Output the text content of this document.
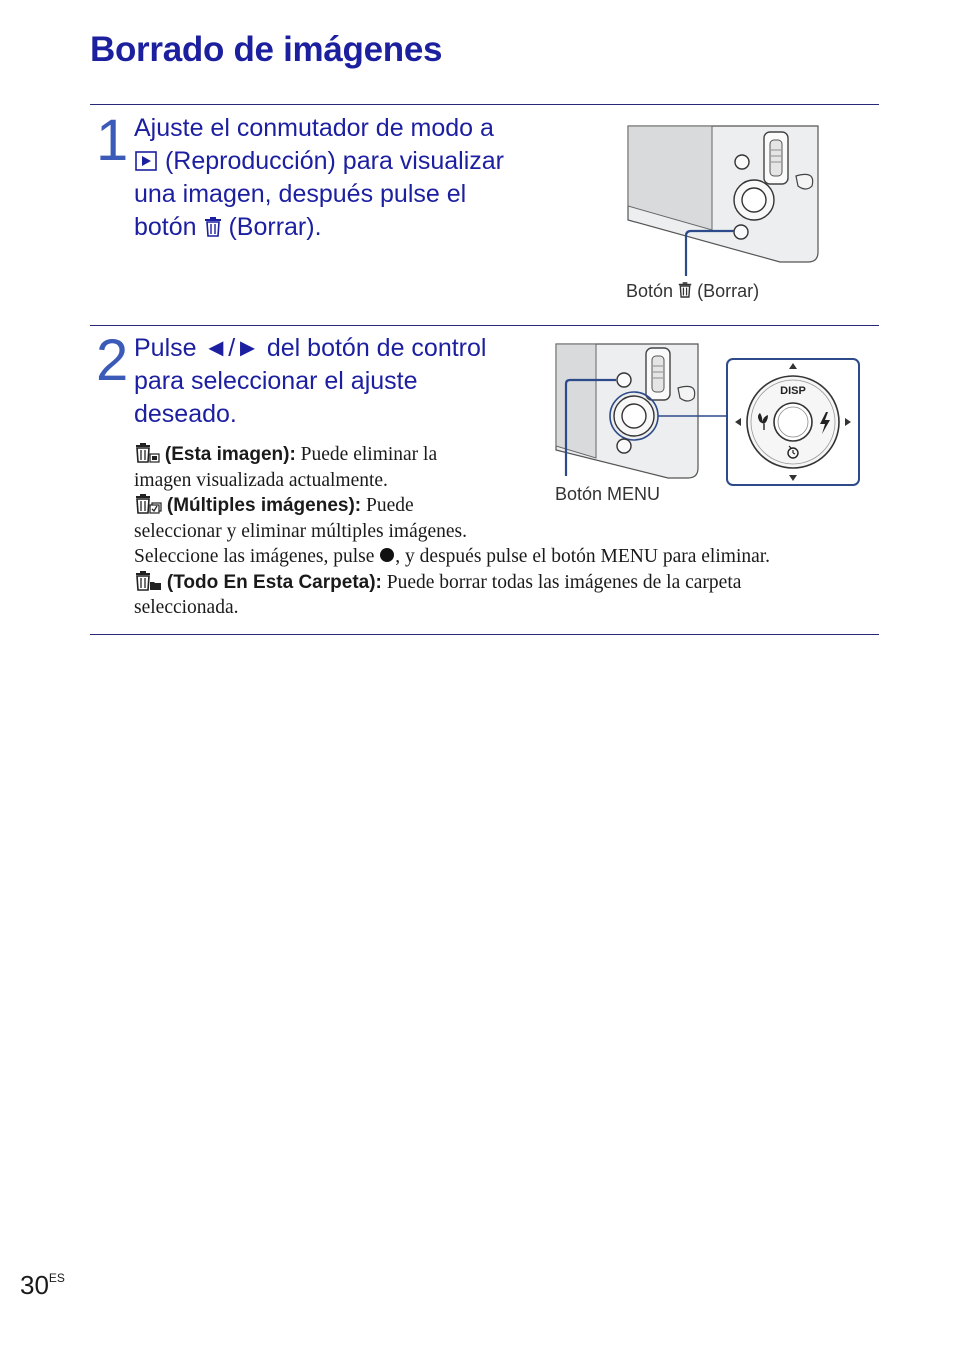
Borrado de imágenes
1 Ajuste el conmutador de modo a
(Reproducción) para visualizar
una imagen, después pulse el
botón (Borrar).
Botón (Borrar)
2 Pulse ◄/► del botón de control
para seleccionar el ajuste
deseado.
Botón MENU
DISP
(Esta imagen): Puede eliminar la
imagen visualizada actualmente.
(Múltiples imágenes): Puede
seleccionar y eliminar múltiples imágenes.
Seleccione las imágenes, pulse , y después pulse el botón MENU para eliminar.
(Todo En Esta Carpeta): Puede borrar todas las imágenes de la carpeta
seleccionada.
$30^{ES}$
